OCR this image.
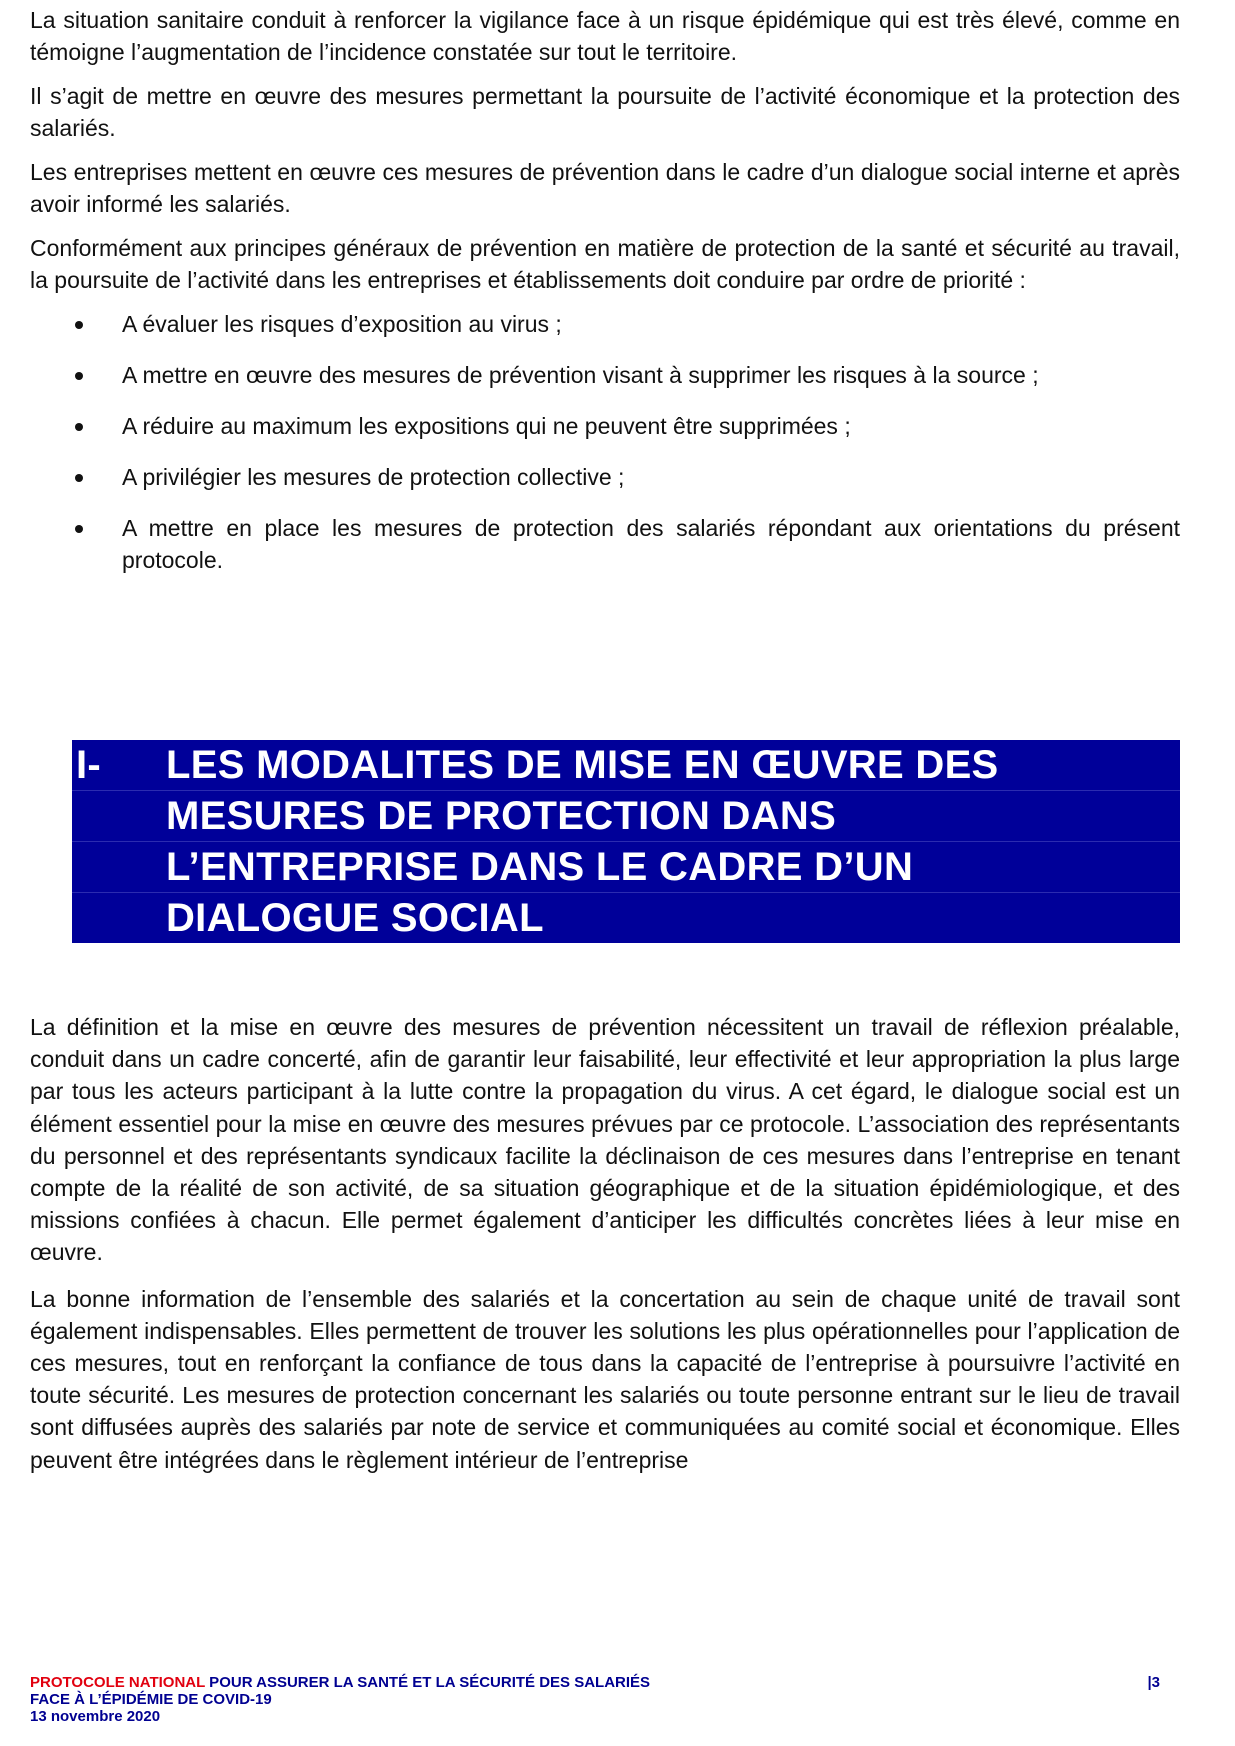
La situation sanitaire conduit à renforcer la vigilance face à un risque épidémique qui est très élevé, comme en témoigne l’augmentation de l’incidence constatée sur tout le territoire.

Il s’agit de mettre en œuvre des mesures permettant la poursuite de l’activité économique et la protection des salariés.

Les entreprises mettent en œuvre ces mesures de prévention dans le cadre d’un dialogue social interne et après avoir informé les salariés.

Conformément aux principes généraux de prévention en matière de protection de la santé et sécurité au travail, la poursuite de l’activité dans les entreprises et établissements doit conduire par ordre de priorité :

A évaluer les risques d’exposition au virus ;
A mettre en œuvre des mesures de prévention visant à supprimer les risques à la source ;
A réduire au maximum les expositions qui ne peuvent être supprimées ;
A privilégier les mesures de protection collective ;
A mettre en place les mesures de protection des salariés répondant aux orientations du présent protocole.
I-	LES MODALITES DE MISE EN ŒUVRE DES
MESURES DE PROTECTION DANS
L’ENTREPRISE DANS LE CADRE D’UN
DIALOGUE SOCIAL

La définition et la mise en œuvre des mesures de prévention nécessitent un travail de réflexion préalable, conduit dans un cadre concerté, afin de garantir leur faisabilité, leur effectivité et leur appropriation la plus large par tous les acteurs participant à la lutte contre la propagation du virus. A cet égard, le dialogue social est un élément essentiel pour la mise en œuvre des mesures prévues par ce protocole. L’association des représentants du personnel et des représentants syndicaux facilite la déclinaison de ces mesures dans l’entreprise en tenant compte de la réalité de son activité, de sa situation géographique et de la situation épidémiologique, et des missions confiées à chacun. Elle permet également d’anticiper les difficultés concrètes liées à leur mise en œuvre.

La bonne information de l’ensemble des salariés et la concertation au sein de chaque unité de travail sont également indispensables. Elles permettent de trouver les solutions les plus opérationnelles pour l’application de ces mesures, tout en renforçant la confiance de tous dans la capacité de l’entreprise à poursuivre l’activité en toute sécurité. Les mesures de protection concernant les salariés ou toute personne entrant sur le lieu de travail sont diffusées auprès des salariés par note de service et communiquées au comité social et économique. Elles peuvent être intégrées dans le règlement intérieur de l’entreprise

PROTOCOLE NATIONAL POUR ASSURER LA SANTÉ ET LA SÉCURITÉ DES SALARIÉS
FACE À L’ÉPIDÉMIE DE COVID-19
13 novembre 2020
|3
